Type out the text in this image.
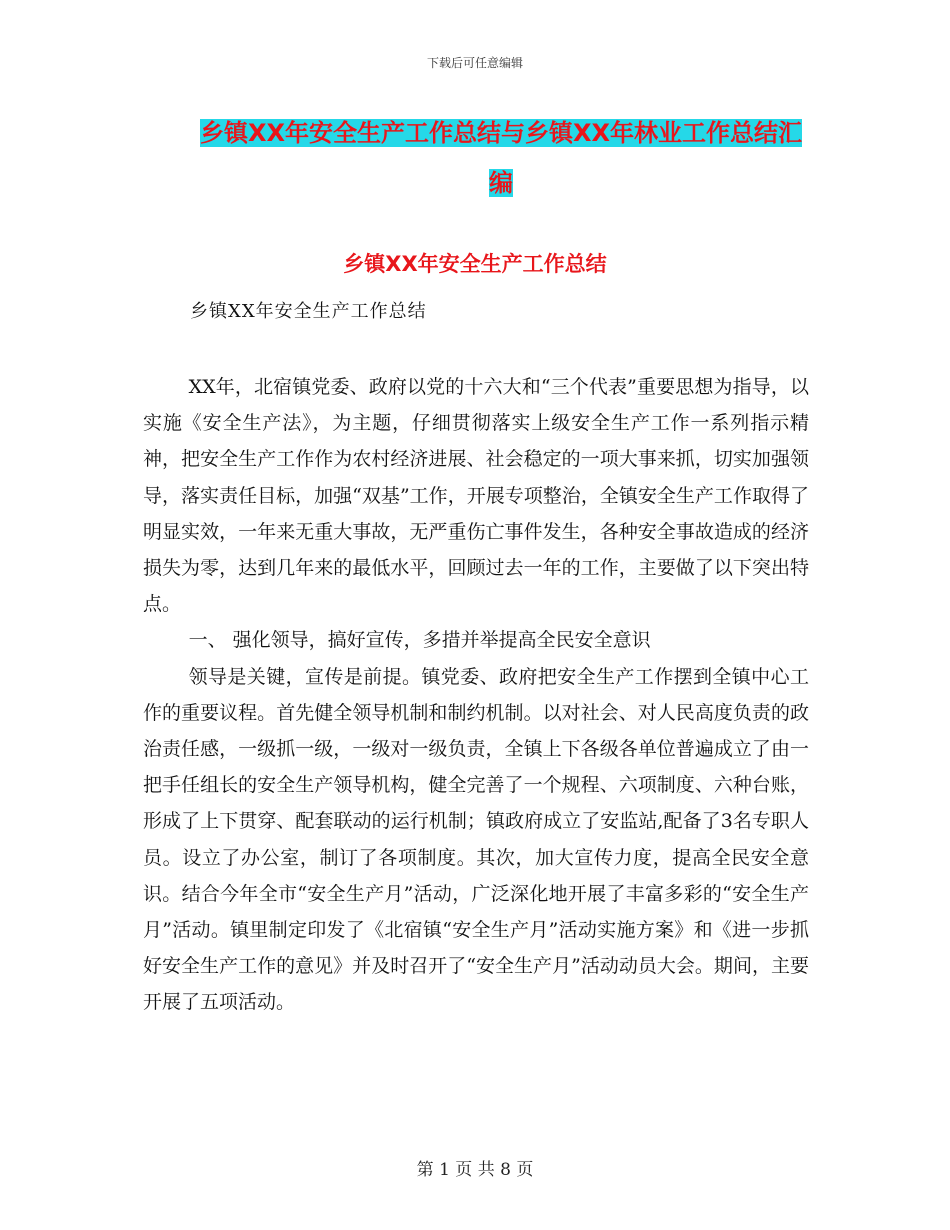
下载后可任意编辑
乡镇XX年安全生产工作总结与乡镇XX年林业工作总结汇编
乡镇XX年安全生产工作总结
乡镇XX年安全生产工作总结

XX年，北宿镇党委、政府以党的十六大和“三个代表”重要思想为指导，以实施《安全生产法》，为主题，仔细贯彻落实上级安全生产工作一系列指示精神，把安全生产工作作为农村经济进展、社会稳定的一项大事来抓，切实加强领导，落实责任目标，加强“双基”工作，开展专项整治，全镇安全生产工作取得了明显实效，一年来无重大事故，无严重伤亡事件发生，各种安全事故造成的经济损失为零，达到几年来的最低水平，回顾过去一年的工作，主要做了以下突出特点。

一、 强化领导，搞好宣传，多措并举提高全民安全意识

领导是关键，宣传是前提。镇党委、政府把安全生产工作摆到全镇中心工作的重要议程。首先健全领导机制和制约机制。以对社会、对人民高度负责的政治责任感，一级抓一级，一级对一级负责，全镇上下各级各单位普遍成立了由一把手任组长的安全生产领导机构，健全完善了一个规程、六项制度、六种台账，形成了上下贯穿、配套联动的运行机制；镇政府成立了安监站,配备了3名专职人员。设立了办公室，制订了各项制度。其次，加大宣传力度，提高全民安全意识。结合今年全市“安全生产月”活动，广泛深化地开展了丰富多彩的“安全生产月”活动。镇里制定印发了《北宿镇“安全生产月”活动实施方案》和《进一步抓好安全生产工作的意见》并及时召开了“安全生产月”活动动员大会。期间，主要开展了五项活动。

第 1 页 共 8 页
